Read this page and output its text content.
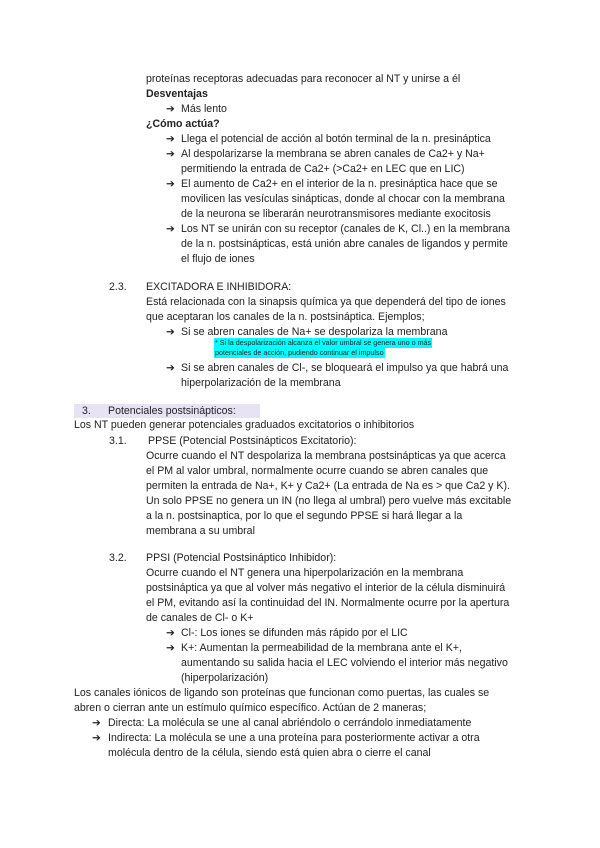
proteínas receptoras adecuadas para reconocer al NT y unirse a él
Desventajas
➔ Más lento
¿Cómo actúa?
➔ Llega el potencial de acción al botón terminal de la n. presináptica
➔ Al despolarizarse la membrana se abren canales de Ca2+ y Na+
permitiendo la entrada de Ca2+ (>Ca2+ en LEC que en LIC)
➔ El aumento de Ca2+ en el interior de la n. presináptica hace que se
movilicen las vesículas sinápticas, donde al chocar con la membrana
de la neurona se liberarán neurotransmisores mediante exocitosis
➔ Los NT se unirán con su receptor (canales de K, Cl..) en la membrana
de la n. postsinápticas, está unión abre canales de ligandos y permite
el flujo de iones
2.3. EXCITADORA E INHIBIDORA:
Está relacionada con la sinapsis química ya que dependerá del tipo de iones
que aceptaran los canales de la n. postsináptica. Ejemplos;
➔ Si se abren canales de Na+ se despolariza la membrana
* Si la despolarización alcanza el valor umbral se genera uno o más
potenciales de acción, pudiendo continuar el impulso
➔ Si se abren canales de Cl-, se bloqueará el impulso ya que habrá una
hiperpolarización de la membrana
3. Potenciales postsinápticos:
Los NT pueden generar potenciales graduados excitatorios o inhibitorios
3.1. PPSE (Potencial Postsinápticos Excitatorio):
Ocurre cuando el NT despolariza la membrana postsinápticas ya que acerca
el PM al valor umbral, normalmente ocurre cuando se abren canales que
permiten la entrada de Na+, K+ y Ca2+ (La entrada de Na es > que Ca2 y K).
Un solo PPSE no genera un IN (no llega al umbral) pero vuelve más excitable
a la n. postsinaptica, por lo que el segundo PPSE si hará llegar a la
membrana a su umbral
3.2. PPSI (Potencial Postsináptico Inhibidor):
Ocurre cuando el NT genera una hiperpolarización en la membrana
postsináptica ya que al volver más negativo el interior de la célula disminuirá
el PM, evitando así la continuidad del IN. Normalmente ocurre por la apertura
de canales de Cl- o K+
➔ Cl-: Los iones se difunden más rápido por el LIC
➔ K+: Aumentan la permeabilidad de la membrana ante el K+,
aumentando su salida hacia el LEC volviendo el interior más negativo
(hiperpolarización)
Los canales iónicos de ligando son proteínas que funcionan como puertas, las cuales se
abren o cierran ante un estímulo químico específico. Actúan de 2 maneras;
➔ Directa: La molécula se une al canal abriéndolo o cerrándolo inmediatamente
➔ Indirecta: La molécula se une a una proteína para posteriormente activar a otra
molécula dentro de la célula, siendo está quien abra o cierre el canal
